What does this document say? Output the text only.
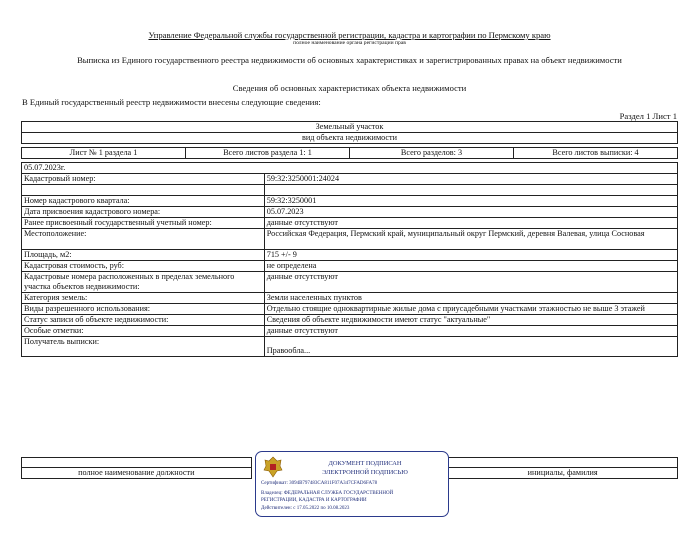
Управление Федеральной службы государственной регистрации, кадастра и картографии по Пермскому краю
полное наименование органа регистрации прав
Выписка из Единого государственного реестра недвижимости об основных характеристиках и зарегистрированных правах на объект недвижимости
Сведения об основных характеристиках объекта недвижимости
В Единый государственный реестр недвижимости внесены следующие сведения:
Раздел 1 Лист 1
Земельный участок
вид объекта недвижимости
Лист № 1 раздела 1	Всего листов раздела 1: 1	Всего разделов: 3	Всего листов выписки: 4
05.07.2023г.	
Кадастровый номер:	59:32:3250001:24024

Номер кадастрового квартала:	59:32:3250001
Дата присвоения кадастрового номера:	05.07.2023
Ранее присвоенный государственный учетный номер:	данные отсутствуют
Местоположение:	Российская Федерация, Пермский край, муниципальный округ Пермский, деревня Валевая, улица Сосновая
Площадь, м2:	715 +/- 9
Кадастровая стоимость, руб:	не определена
Кадастровые номера расположенных в пределах земельного участка объектов недвижимости:	данные отсутствуют
Категория земель:	Земли населенных пунктов
Виды разрешенного использования:	Отдельно стоящие одноквартирные жилые дома с приусадебными участками этажностью не выше 3 этажей
Статус записи об объекте недвижимости:	Сведения об объекте недвижимости имеют статус "актуальные"
Особые отметки:	данные отсутствуют
Получатель выписки:	Правообла...

полное наименование должности		инициалы, фамилия
ДОКУМЕНТ ПОДПИСАН
ЭЛЕКТРОННОЙ ПОДПИСЬЮ
Сертификат: 3094B797483CA811F07A347CFAD6FA78
Владелец: ФЕДЕРАЛЬНАЯ СЛУЖБА ГОСУДАРСТВЕННОЙ РЕГИСТРАЦИИ, КАДАСТРА И КАРТОГРАФИИ
Действителен: с 17.05.2022 по 10.08.2023
